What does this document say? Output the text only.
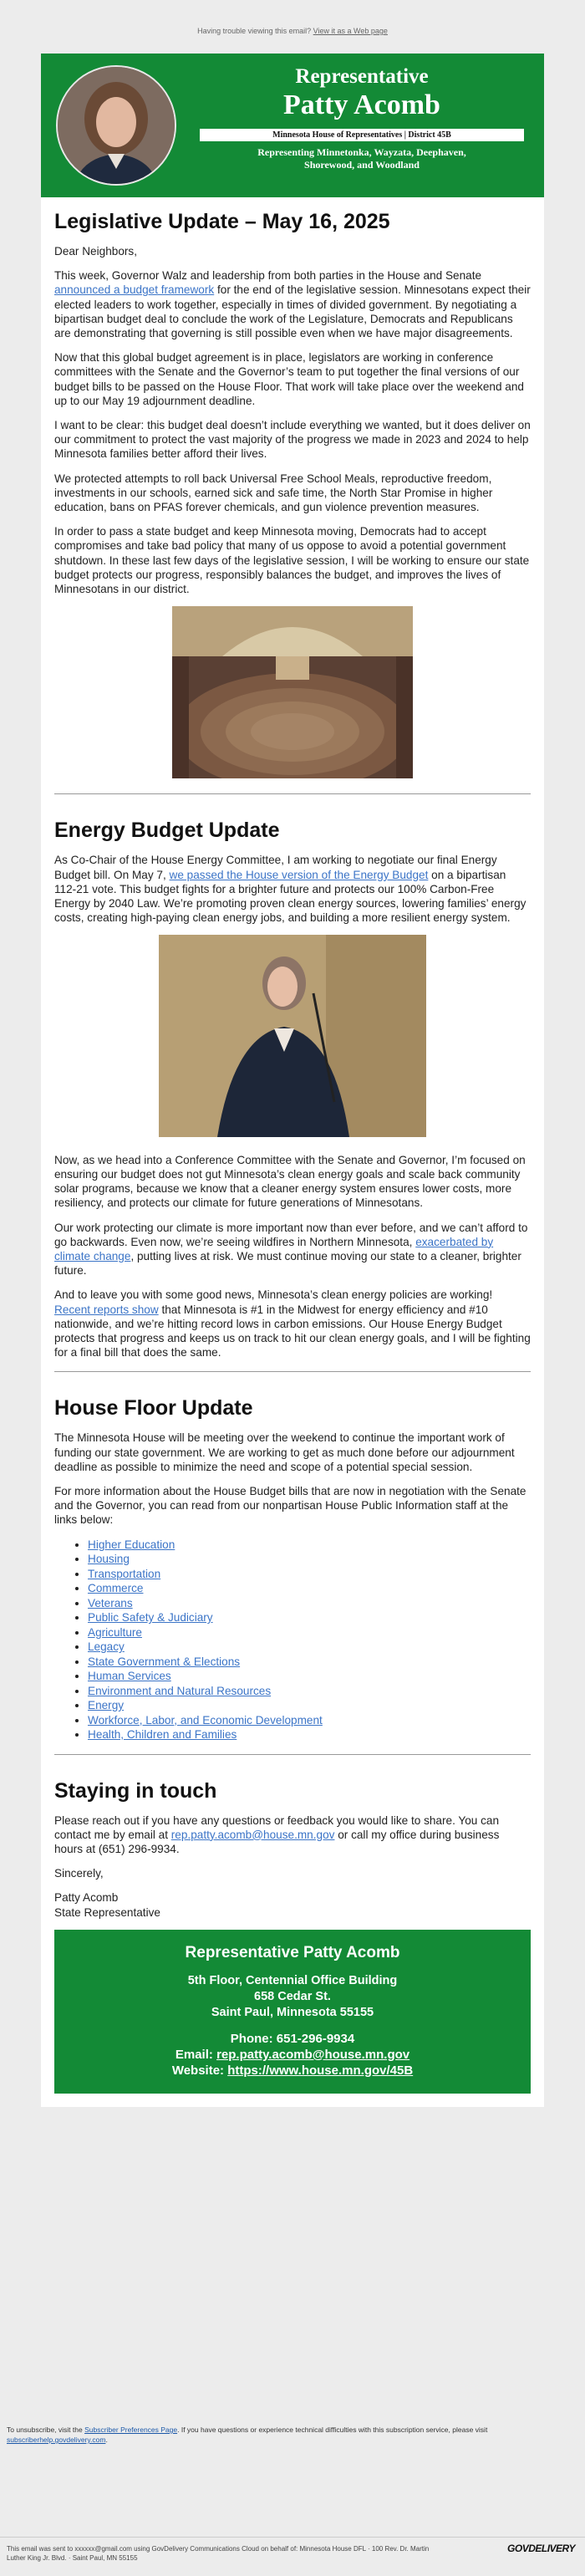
Having trouble viewing this email? View it as a Web page
Representative
Patty Acomb
Minnesota House of Representatives | District 45B
Representing Minnetonka, Wayzata, Deephaven,
Shorewood, and Woodland
Legislative Update – May 16, 2025

Dear Neighbors,

This week, Governor Walz and leadership from both parties in the House and Senate announced a budget framework for the end of the legislative session. Minnesotans expect their elected leaders to work together, especially in times of divided government. By negotiating a bipartisan budget deal to conclude the work of the Legislature, Democrats and Republicans are demonstrating that governing is still possible even when we have major disagreements.

Now that this global budget agreement is in place, legislators are working in conference committees with the Senate and the Governor’s team to put together the final versions of our budget bills to be passed on the House Floor. That work will take place over the weekend and up to our May 19 adjournment deadline.

I want to be clear: this budget deal doesn’t include everything we wanted, but it does deliver on our commitment to protect the vast majority of the progress we made in 2023 and 2024 to help Minnesota families better afford their lives.

We protected attempts to roll back Universal Free School Meals, reproductive freedom, investments in our schools, earned sick and safe time, the North Star Promise in higher education, bans on PFAS forever chemicals, and gun violence prevention measures.

In order to pass a state budget and keep Minnesota moving, Democrats had to accept compromises and take bad policy that many of us oppose to avoid a potential government shutdown. In these last few days of the legislative session, I will be working to ensure our state budget protects our progress, responsibly balances the budget, and improves the lives of Minnesotans in our district.

Energy Budget Update

As Co-Chair of the House Energy Committee, I am working to negotiate our final Energy Budget bill. On May 7, we passed the House version of the Energy Budget on a bipartisan 112-21 vote. This budget fights for a brighter future and protects our 100% Carbon-Free Energy by 2040 Law. We’re promoting proven clean energy sources, lowering families’ energy costs, creating high-paying clean energy jobs, and building a more resilient energy system.

Now, as we head into a Conference Committee with the Senate and Governor, I’m focused on ensuring our budget does not gut Minnesota’s clean energy goals and scale back community solar programs, because we know that a cleaner energy system ensures lower costs, more resiliency, and protects our climate for future generations of Minnesotans.

Our work protecting our climate is more important now than ever before, and we can’t afford to go backwards. Even now, we’re seeing wildfires in Northern Minnesota, exacerbated by climate change, putting lives at risk. We must continue moving our state to a cleaner, brighter future.

And to leave you with some good news, Minnesota’s clean energy policies are working! Recent reports show that Minnesota is #1 in the Midwest for energy efficiency and #10 nationwide, and we’re hitting record lows in carbon emissions. Our House Energy Budget protects that progress and keeps us on track to hit our clean energy goals, and I will be fighting for a final bill that does the same.

House Floor Update

The Minnesota House will be meeting over the weekend to continue the important work of funding our state government. We are working to get as much done before our adjournment deadline as possible to minimize the need and scope of a potential special session.

For more information about the House Budget bills that are now in negotiation with the Senate and the Governor, you can read from our nonpartisan House Public Information staff at the links below:

• Higher Education
• Housing
• Transportation
• Commerce
• Veterans
• Public Safety & Judiciary
• Agriculture
• Legacy
• State Government & Elections
• Human Services
• Environment and Natural Resources
• Energy
• Workforce, Labor, and Economic Development
• Health, Children and Families
Staying in touch

Please reach out if you have any questions or feedback you would like to share. You can contact me by email at rep.patty.acomb@house.mn.gov or call my office during business hours at (651) 296-9934.

Sincerely,

Patty Acomb
State Representative
Representative Patty Acomb
5th Floor, Centennial Office Building
658 Cedar St.
Saint Paul, Minnesota 55155
Phone: 651-296-9934
Email: rep.patty.acomb@house.mn.gov
Website: https://www.house.mn.gov/45B
To unsubscribe, visit the Subscriber Preferences Page. If you have questions or experience technical difficulties with this subscription service, please visit subscriberhelp.govdelivery.com.
This email was sent to xxxxxx@gmail.com using GovDelivery Communications Cloud on behalf of: Minnesota House DFL · 100 Rev. Dr. Martin Luther King Jr. Blvd. · Saint Paul, MN 55155
GOVDELIVERY
